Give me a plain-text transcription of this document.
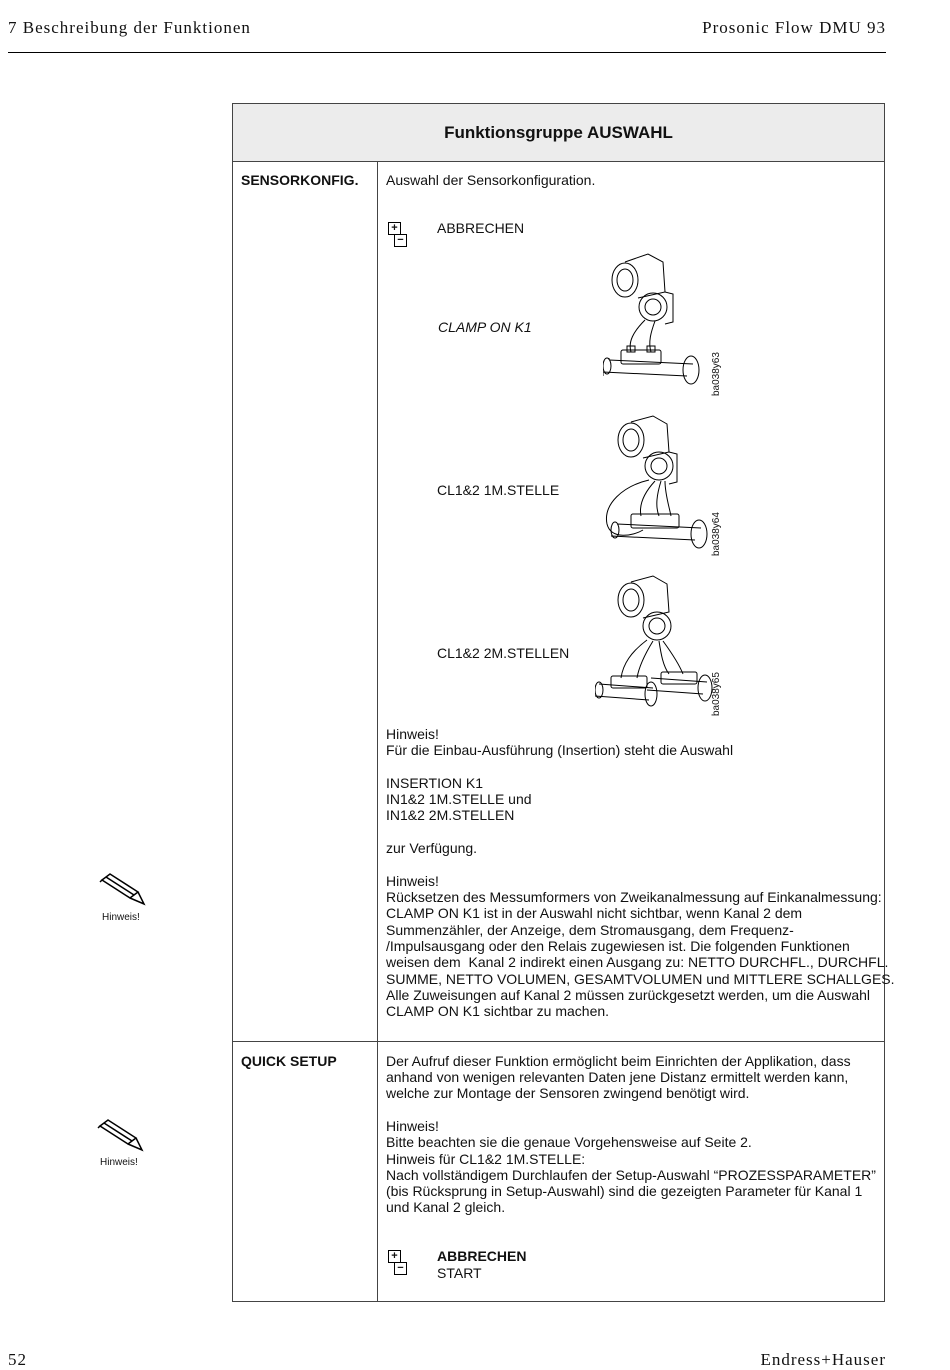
7 Beschreibung der Funktionen	Prosonic Flow DMU 93
Funktionsgruppe AUSWAHL
SENSORKONFIG. Auswahl der Sensorkonfiguration.
+
−
ABBRECHEN
CLAMP ON K1
CL1&2 1M.STELLE
CL1&2 2M.STELLEN
ba038y63
ba038y64
ba038y65
Hinweis!
Für die Einbau-Ausführung (Insertion) steht die Auswahl
INSERTION K1
IN1&2 1M.STELLE und
IN1&2 2M.STELLEN
zur Verfügung.
Hinweis!
Rücksetzen des Messumformers von Zweikanalmessung auf Einkanalmessung:
CLAMP ON K1 ist in der Auswahl nicht sichtbar, wenn Kanal 2 dem
Summenzähler, der Anzeige, dem Stromausgang, dem Frequenz-
/Impulsausgang oder den Relais zugewiesen ist. Die folgenden Funktionen
weisen dem  Kanal 2 indirekt einen Ausgang zu: NETTO DURCHFL., DURCHFL.
SUMME, NETTO VOLUMEN, GESAMTVOLUMEN und MITTLERE SCHALLGES.
Alle Zuweisungen auf Kanal 2 müssen zurückgesetzt werden, um die Auswahl
CLAMP ON K1 sichtbar zu machen.
QUICK SETUP	Der Aufruf dieser Funktion ermöglicht beim Einrichten der Applikation, dass
anhand von wenigen relevanten Daten jene Distanz ermittelt werden kann,
welche zur Montage der Sensoren zwingend benötigt wird.
Hinweis!
Bitte beachten sie die genaue Vorgehensweise auf Seite 2.
Hinweis für CL1&2 1M.STELLE:
Nach vollständigem Durchlaufen der Setup-Auswahl “PROZESSPARAMETER”
(bis Rücksprung in Setup-Auswahl) sind die gezeigten Parameter für Kanal 1
und Kanal 2 gleich.
+
−
ABBRECHEN
START
Hinweis!
Hinweis!
52	Endress+Hauser
